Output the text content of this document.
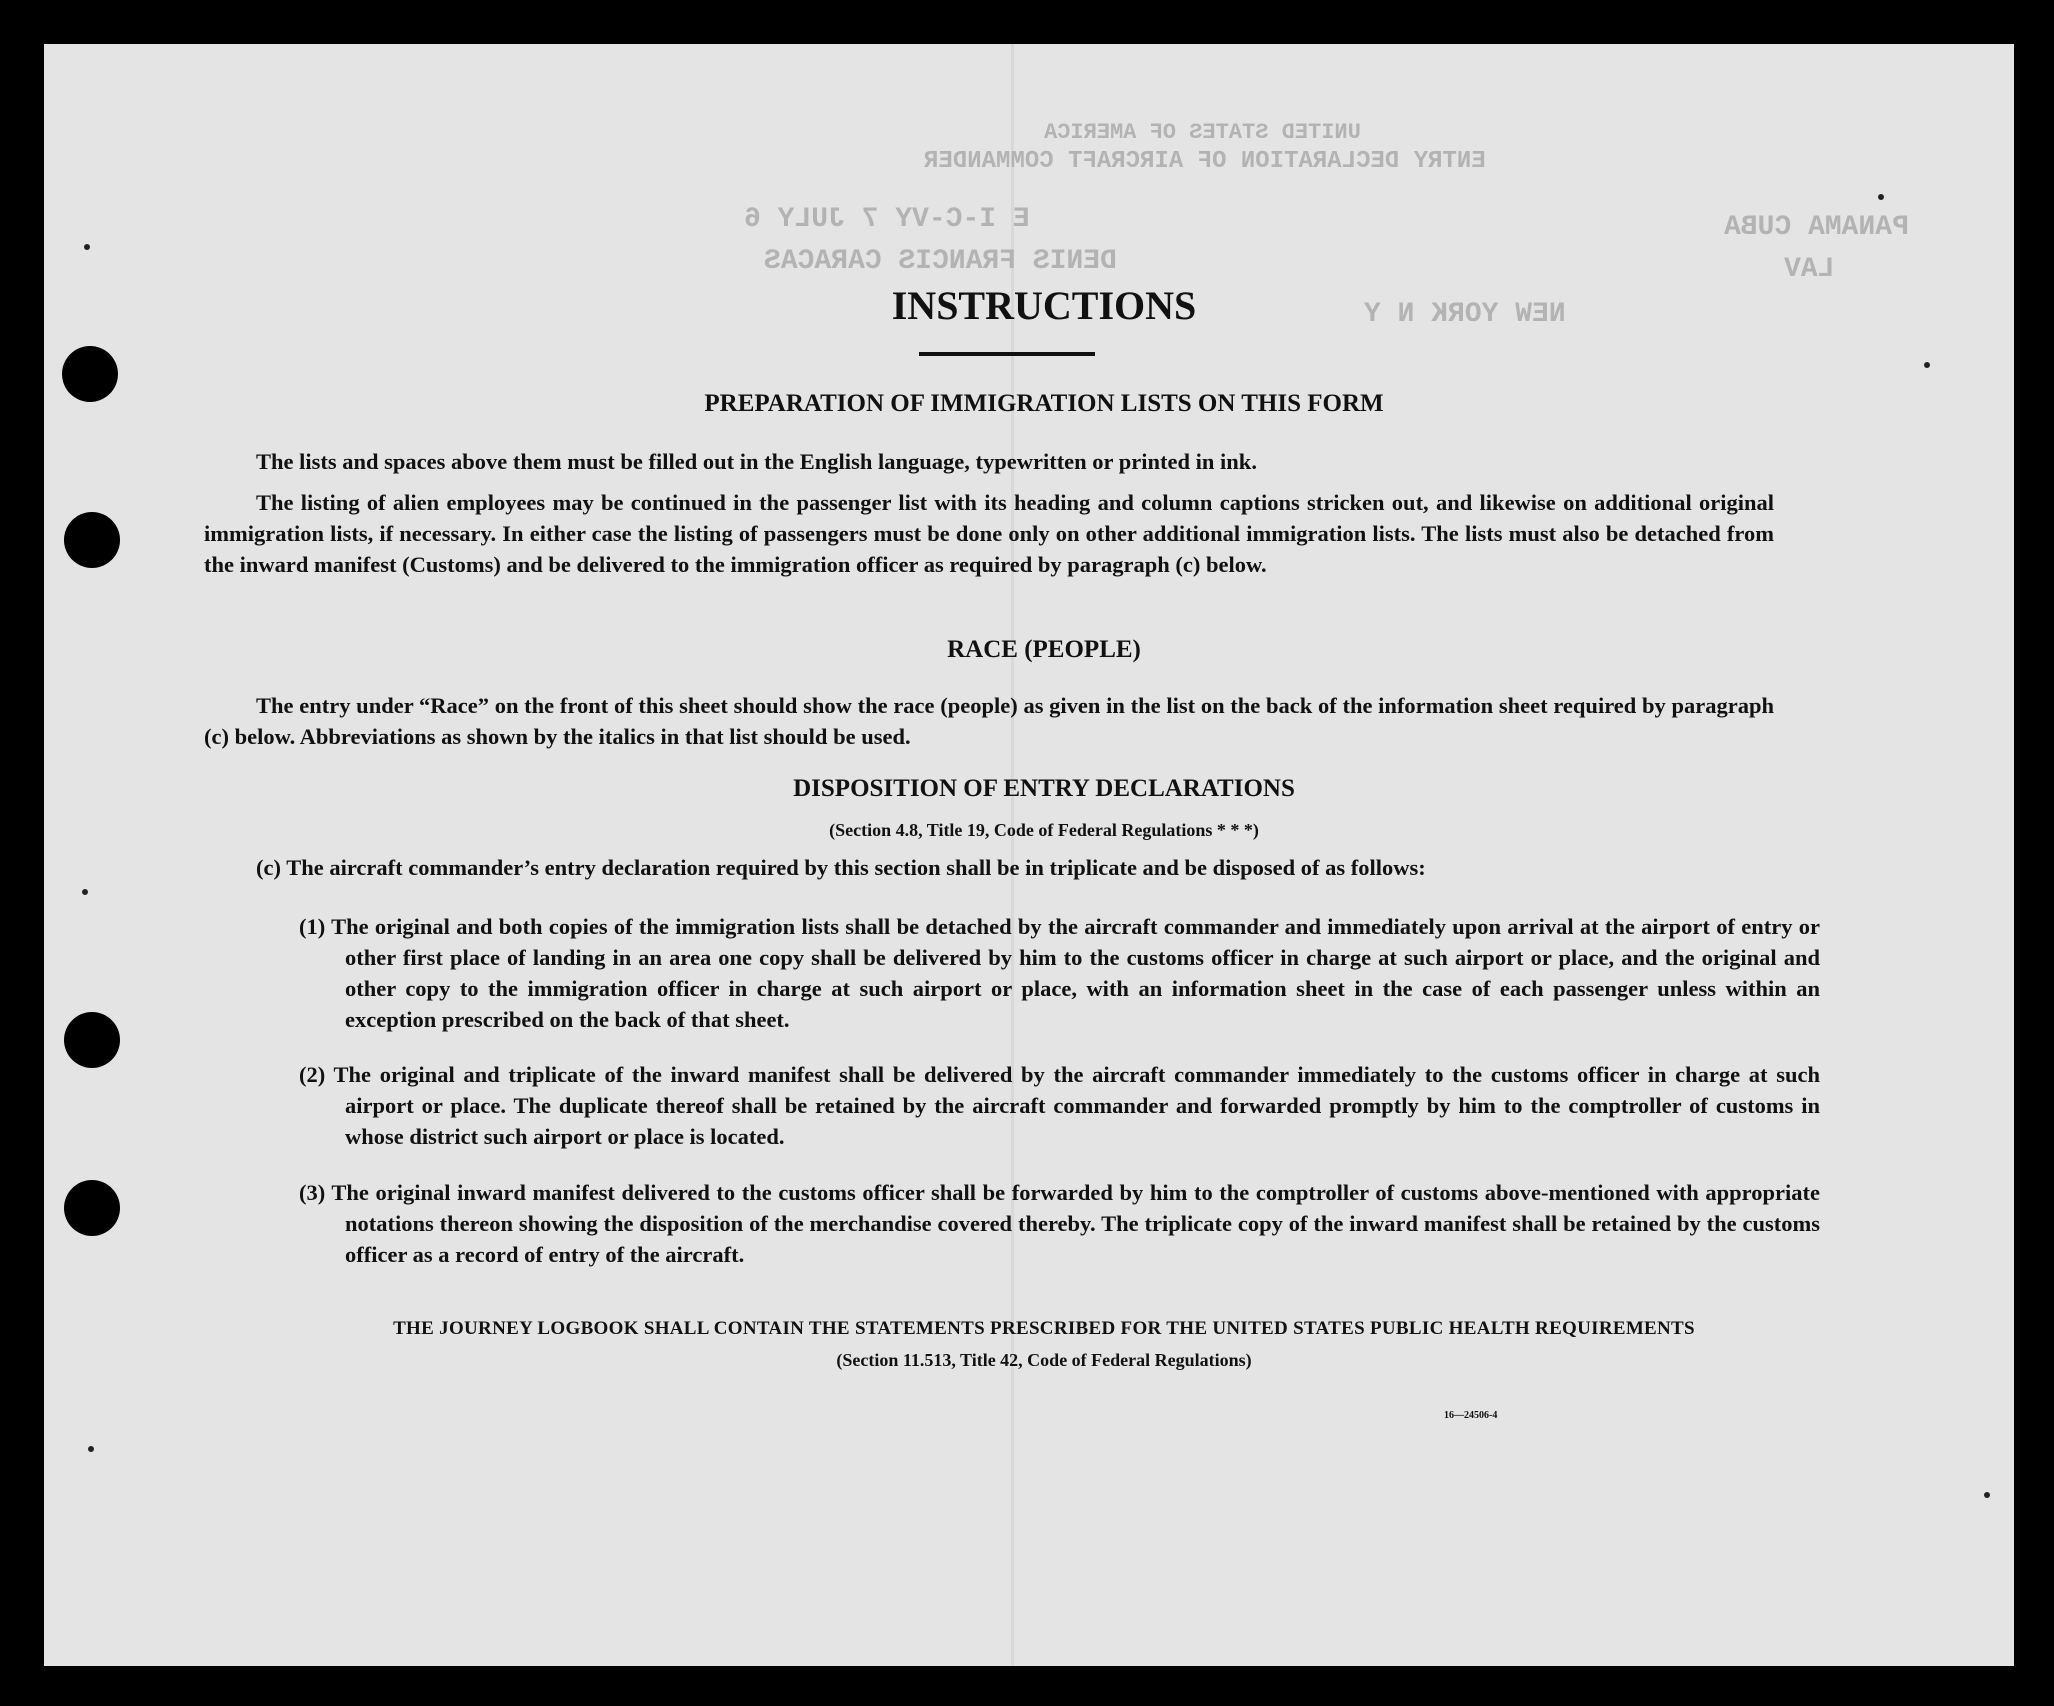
UNITED STATES OF AMERICA
ENTRY DECLARATION OF AIRCRAFT COMMANDER
E I-C-VY 7 JULY 6
DENIS FRANCIS CARACAS
NEW YORK N Y
PANAMA CUBA
LAV
INSTRUCTIONS
PREPARATION OF IMMIGRATION LISTS ON THIS FORM
The lists and spaces above them must be filled out in the English language, typewritten or printed in ink.
The listing of alien employees may be continued in the passenger list with its heading and column captions stricken out, and likewise on additional original immigration lists, if necessary. In either case the listing of passengers must be done only on other additional immigration lists. The lists must also be detached from the inward manifest (Customs) and be delivered to the immigration officer as required by paragraph (c) below.
RACE (PEOPLE)
The entry under “Race” on the front of this sheet should show the race (people) as given in the list on the back of the information sheet required by paragraph (c) below. Abbreviations as shown by the italics in that list should be used.
DISPOSITION OF ENTRY DECLARATIONS
(Section 4.8, Title 19, Code of Federal Regulations * * *)
(c) The aircraft commander’s entry declaration required by this section shall be in triplicate and be disposed of as follows:
(1) The original and both copies of the immigration lists shall be detached by the aircraft commander and immediately upon arrival at the airport of entry or other first place of landing in an area one copy shall be delivered by him to the customs officer in charge at such airport or place, and the original and other copy to the immigration officer in charge at such airport or place, with an information sheet in the case of each passenger unless within an exception prescribed on the back of that sheet.
(2) The original and triplicate of the inward manifest shall be delivered by the aircraft commander immediately to the customs officer in charge at such airport or place. The duplicate thereof shall be retained by the aircraft commander and forwarded promptly by him to the comptroller of customs in whose district such airport or place is located.
(3) The original inward manifest delivered to the customs officer shall be forwarded by him to the comptroller of customs above-mentioned with appropriate notations thereon showing the disposition of the merchandise covered thereby. The triplicate copy of the inward manifest shall be retained by the customs officer as a record of entry of the aircraft.
THE JOURNEY LOGBOOK SHALL CONTAIN THE STATEMENTS PRESCRIBED FOR THE UNITED STATES PUBLIC HEALTH REQUIREMENTS
(Section 11.513, Title 42, Code of Federal Regulations)
16—24506-4
